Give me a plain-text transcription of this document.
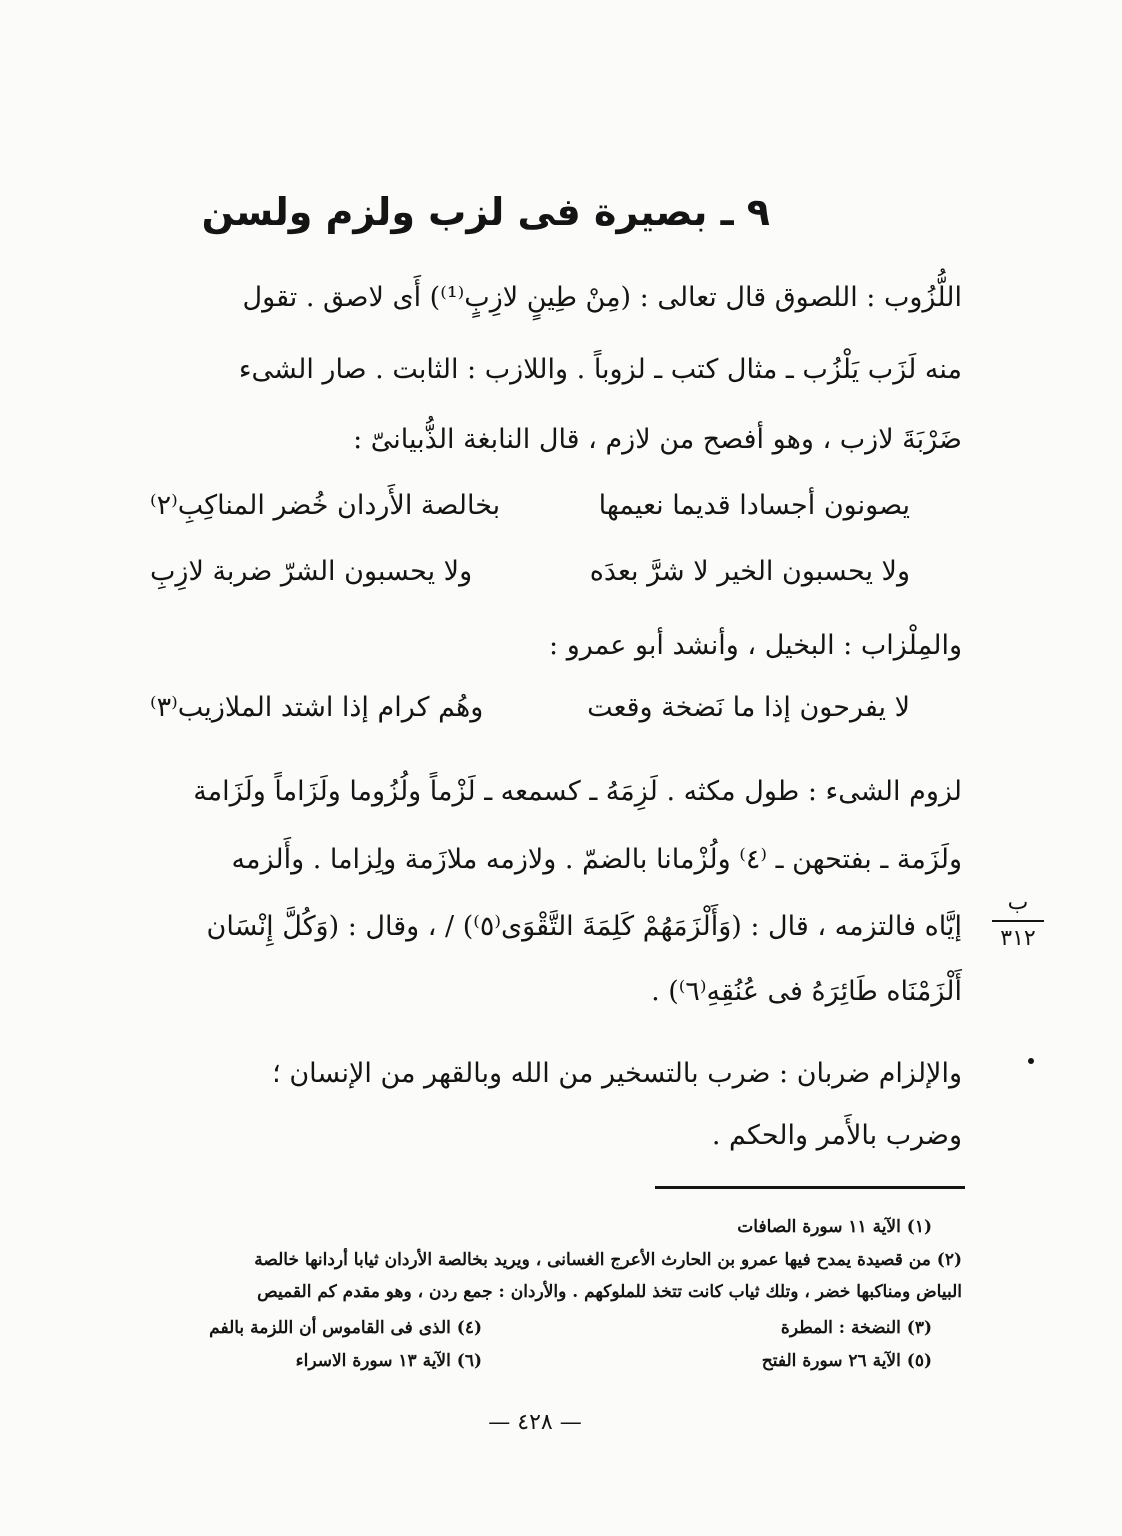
٩ ـ بصيرة فى لزب ولزم ولسن
اللُّزُوب : اللصوق قال تعالى : (مِنْ طِينٍ لازِبٍ⁽¹⁾) أَى لاصق . تقول
منه لَزَب يَلْزُب ـ مثال كتب ـ لزوباً . واللازب : الثابت . صار الشىء
ضَرْبَةَ لازب ، وهو أفصح من لازم ، قال النابغة الذُّبيانىّ :
يصونون أجسادا قديما نعيمها
بخالصة الأَردان خُضر المناكِبِ⁽٢⁾
ولا يحسبون الخير لا شرَّ بعدَه
ولا يحسبون الشرّ ضربة لازِبِ
والمِلْزاب : البخيل ، وأنشد أبو عمرو :
لا يفرحون إذا ما نَضخة وقعت
وهُم كرام إذا اشتد الملازيب⁽٣⁾
لزوم الشىء : طول مكثه . لَزِمَهُ ـ كسمعه ـ لَزْماً ولُزُوما ولَزَاماً ولَزَامة
ولَزَمة ـ بفتحهن ـ ⁽٤⁾ ولُزْمانا بالضمّ . ولازمه ملازَمة ولِزاما . وأَلزمه
إيَّاه فالتزمه ، قال : (وَأَلْزَمَهُمْ كَلِمَةَ التَّقْوَى⁽٥⁾) / ، وقال : (وَكُلَّ إِنْسَان
أَلْزَمْنَاه طَائِرَهُ فى عُنُقِهِ⁽٦⁾) .
ب
٣١٢
والإلزام ضربان : ضرب بالتسخير من الله وبالقهر من الإنسان ؛
وضرب بالأَمر والحكم .
(١) الآية ١١ سورة الصافات
(٢) من قصيدة يمدح فيها عمرو بن الحارث الأعرج الغسانى ، ويريد بخالصة الأردان ثيابا أردانها خالصة
البياض ومناكبها خضر ، وتلك ثياب كانت تتخذ للملوكهم . والأردان : جمع ردن ، وهو مقدم كم القميص
(٣) النضخة : المطرة
(٤) الذى فى القاموس أن اللزمة بالفم
(٥) الآية ٢٦ سورة الفتح
(٦) الآية ١٣ سورة الاسراء
— ٤٢٨ —
